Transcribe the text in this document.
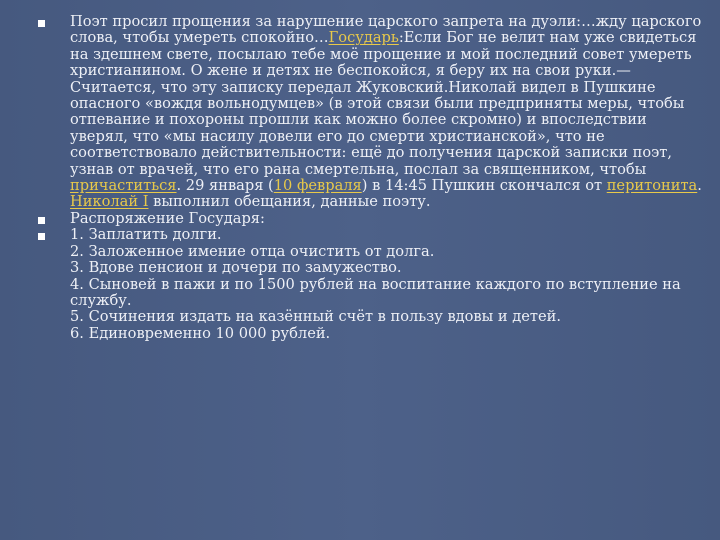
Поэт просил прощения за нарушение царского запрета на дуэли:…жду царского слова, чтобы умереть спокойно…Государь:Если Бог не велит нам уже свидеться на здешнем свете, посылаю тебе моё прощение и мой последний совет умереть христианином. О жене и детях не беспокойся, я беру их на свои руки.— Считается, что эту записку передал Жуковский.Николай видел в Пушкине опасного «вождя вольнодумцев» (в этой связи были предприняты меры, чтобы отпевание и похороны прошли как можно более скромно) и впоследствии уверял, что «мы насилу довели его до смерти христианской», что не соответствовало действительности: ещё до получения царской записки поэт, узнав от врачей, что его рана смертельна, послал за священником, чтобы причаститься. 29 января (10 февраля) в 14:45 Пушкин скончался от перитонита. Николай I выполнил обещания, данные поэту.
Распоряжение Государя:
1. Заплатить долги.
2. Заложенное имение отца очистить от долга.
3. Вдове пенсион и дочери по замужество.
4. Сыновей в пажи и по 1500 рублей на воспитание каждого по вступление на службу.
5. Сочинения издать на казённый счёт в пользу вдовы и детей.
6. Единовременно 10 000 рублей.
